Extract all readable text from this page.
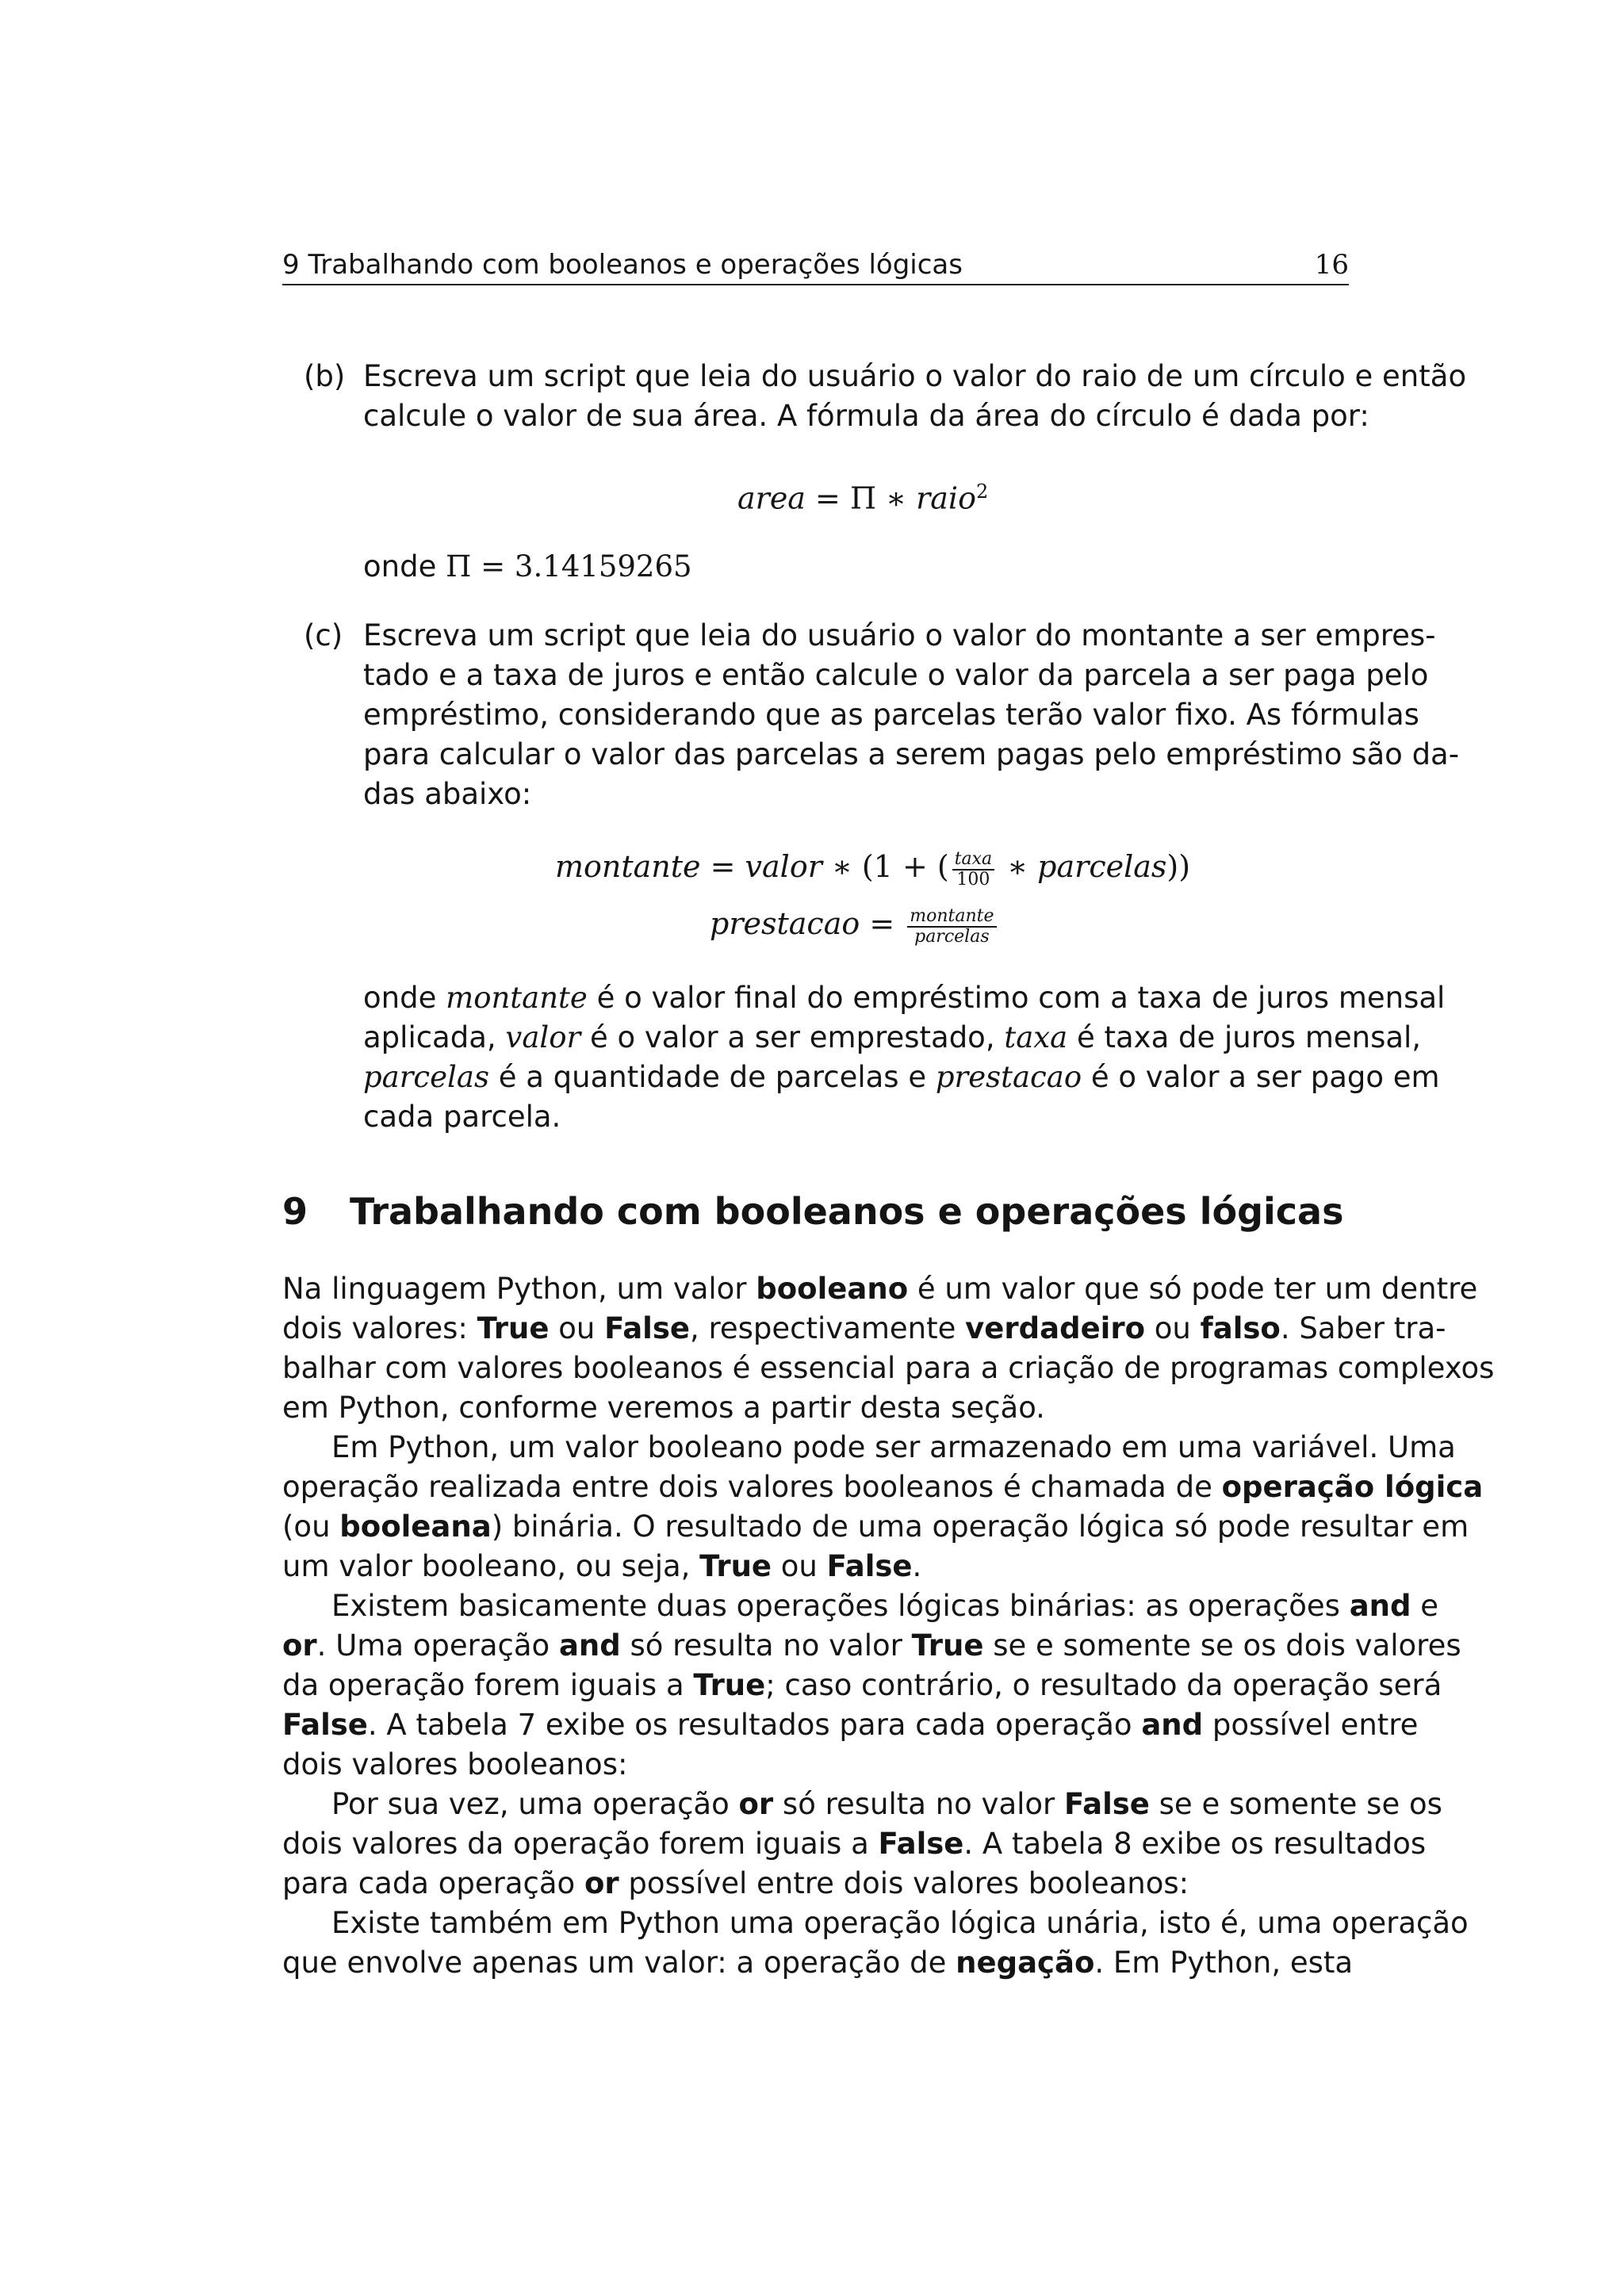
9 Trabalhando com booleanos e operações lógicas	16
(b) Escreva um script que leia do usuário o valor do raio de um círculo e então
calcule o valor de sua área. A fórmula da área do círculo é dada por:
area = Π ∗ raio$^2$
onde Π = 3.14159265
(c) Escreva um script que leia do usuário o valor do montante a ser empres-
tado e a taxa de juros e então calcule o valor da parcela a ser paga pelo
empréstimo, considerando que as parcelas terão valor fixo. As fórmulas
para calcular o valor das parcelas a serem pagas pelo empréstimo são da-
das abaixo:
montante = valor ∗ (1 + ( $\frac{\text{taxa}}{100}$ ∗ parcelas))
prestacao = $\frac{\text{montante}}{\text{parcelas}}$
onde montante é o valor final do empréstimo com a taxa de juros mensal
aplicada, valor é o valor a ser emprestado, taxa é taxa de juros mensal,
parcelas é a quantidade de parcelas e prestacao é o valor a ser pago em
cada parcela.
9 Trabalhando com booleanos e operações lógicas
Na linguagem Python, um valor booleano é um valor que só pode ter um dentre
dois valores: True ou False, respectivamente verdadeiro ou falso. Saber tra-
balhar com valores booleanos é essencial para a criação de programas complexos
em Python, conforme veremos a partir desta seção.
Em Python, um valor booleano pode ser armazenado em uma variável. Uma
operação realizada entre dois valores booleanos é chamada de operação lógica
(ou booleana) binária. O resultado de uma operação lógica só pode resultar em
um valor booleano, ou seja, True ou False.
Existem basicamente duas operações lógicas binárias: as operações and e
or. Uma operação and só resulta no valor True se e somente se os dois valores
da operação forem iguais a True; caso contrário, o resultado da operação será
False. A tabela 7 exibe os resultados para cada operação and possível entre
dois valores booleanos:
Por sua vez, uma operação or só resulta no valor False se e somente se os
dois valores da operação forem iguais a False. A tabela 8 exibe os resultados
para cada operação or possível entre dois valores booleanos:
Existe também em Python uma operação lógica unária, isto é, uma operação
que envolve apenas um valor: a operação de negação. Em Python, esta
